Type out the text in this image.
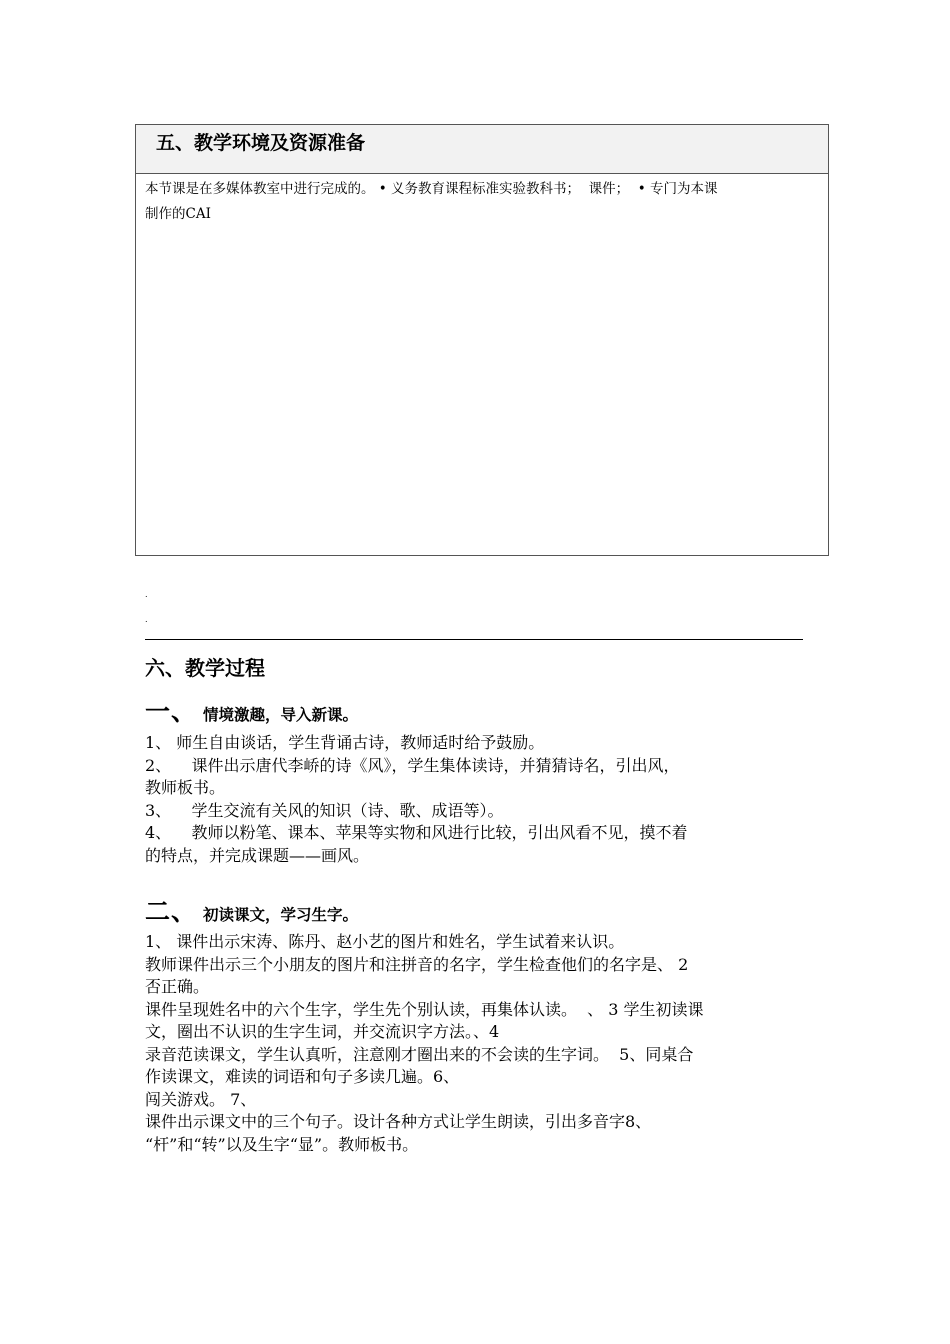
五、教学环境及资源准备
本节课是在多媒体教室中进行完成的。 • 义务教育课程标准实验教科书；  课件；  • 专门为本课
制作的CAI
.
.
六、教学过程
一、 情境激趣，导入新课。

1、 师生自由谈话，学生背诵古诗，教师适时给予鼓励。

2、    课件出示唐代李峤的诗《风》，学生集体读诗，并猜猜诗名，引出风，

教师板书。

3、    学生交流有关风的知识（诗、歌、成语等）。

4、    教师以粉笔、课本、苹果等实物和风进行比较，引出风看不见，摸不着

的特点，并完成课题——画风。

二、 初读课文，学习生字。

1、 课件出示宋涛、陈丹、赵小艺的图片和姓名，学生试着来认识。

教师课件出示三个小朋友的图片和注拼音的名字，学生检查他们的名字是、 2

否正确。

课件呈现姓名中的六个生字，学生先个别认读，再集体认读。  、 3 学生初读课

文，圈出不认识的生字生词，并交流识字方法。、4

录音范读课文，学生认真听，注意刚才圈出来的不会读的生字词。  5、同桌合

作读课文，难读的词语和句子多读几遍。6、

闯关游戏。 7、

课件出示课文中的三个句子。设计各种方式让学生朗读，引出多音字8、

“杆”和“转”以及生字“显”。教师板书。
